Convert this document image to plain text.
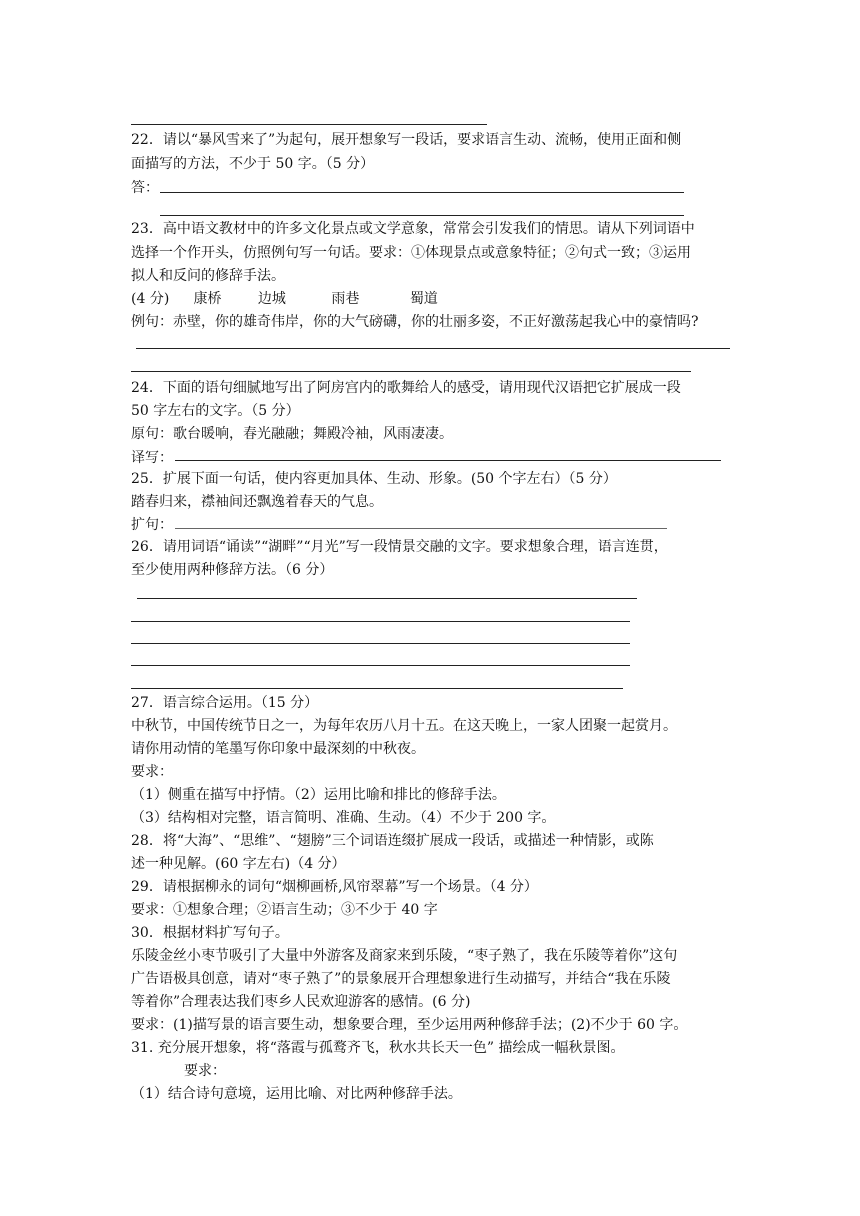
22．请以“暴风雪来了”为起句，展开想象写一段话，要求语言生动、流畅，使用正面和侧
面描写的方法，不少于 50 字。（5 分）
答：
23．高中语文教材中的许多文化景点或文学意象，常常会引发我们的情思。请从下列词语中
选择一个作开头，仿照例句写一句话。要求：①体现景点或意象特征；②句式一致；③运用
拟人和反问的修辞手法。
(4 分) 康桥	边城	雨巷	蜀道
例句：赤壁，你的雄奇伟岸，你的大气磅礴，你的壮丽多姿，不正好激荡起我心中的豪情吗?
24．下面的语句细腻地写出了阿房宫内的歌舞给人的感受，请用现代汉语把它扩展成一段
50 字左右的文字。（5 分）
原句：歌台暖响，春光融融；舞殿冷袖，风雨凄凄。
译写：
25．扩展下面一句话，使内容更加具体、生动、形象。(50 个字左右）（5 分）
踏春归来，襟袖间还飘逸着春天的气息。
扩句：
26．请用词语“诵读”“湖畔”“月光”写一段情景交融的文字。要求想象合理，语言连贯，
至少使用两种修辞方法。（6 分）
27．语言综合运用。（15 分）
中秋节，中国传统节日之一，为每年农历八月十五。在这天晚上，一家人团聚一起赏月。
请你用动情的笔墨写你印象中最深刻的中秋夜。
要求：
（1）侧重在描写中抒情。（2）运用比喻和排比的修辞手法。
（3）结构相对完整，语言简明、准确、生动。（4）不少于 200 字。
28．将“大海”、“思维”、“翅膀”三个词语连缀扩展成一段话，或描述一种情影，或陈
述一种见解。(60 字左右)（4 分）
29．请根据柳永的词句“烟柳画桥,风帘翠幕”写一个场景。（4 分）
要求：①想象合理；②语言生动；③不少于 40 字
30．根据材料扩写句子。
乐陵金丝小枣节吸引了大量中外游客及商家来到乐陵，“枣子熟了，我在乐陵等着你”这句
广告语极具创意，请对“枣子熟了”的景象展开合理想象进行生动描写，并结合“我在乐陵
等着你”合理表达我们枣乡人民欢迎游客的感情。(6 分)
要求：(1)描写景的语言要生动，想象要合理，至少运用两种修辞手法；(2)不少于 60 字。
31. 充分展开想象，将“落霞与孤鹜齐飞，秋水共长天一色” 描绘成一幅秋景图。
要求：
（1）结合诗句意境，运用比喻、对比两种修辞手法。
